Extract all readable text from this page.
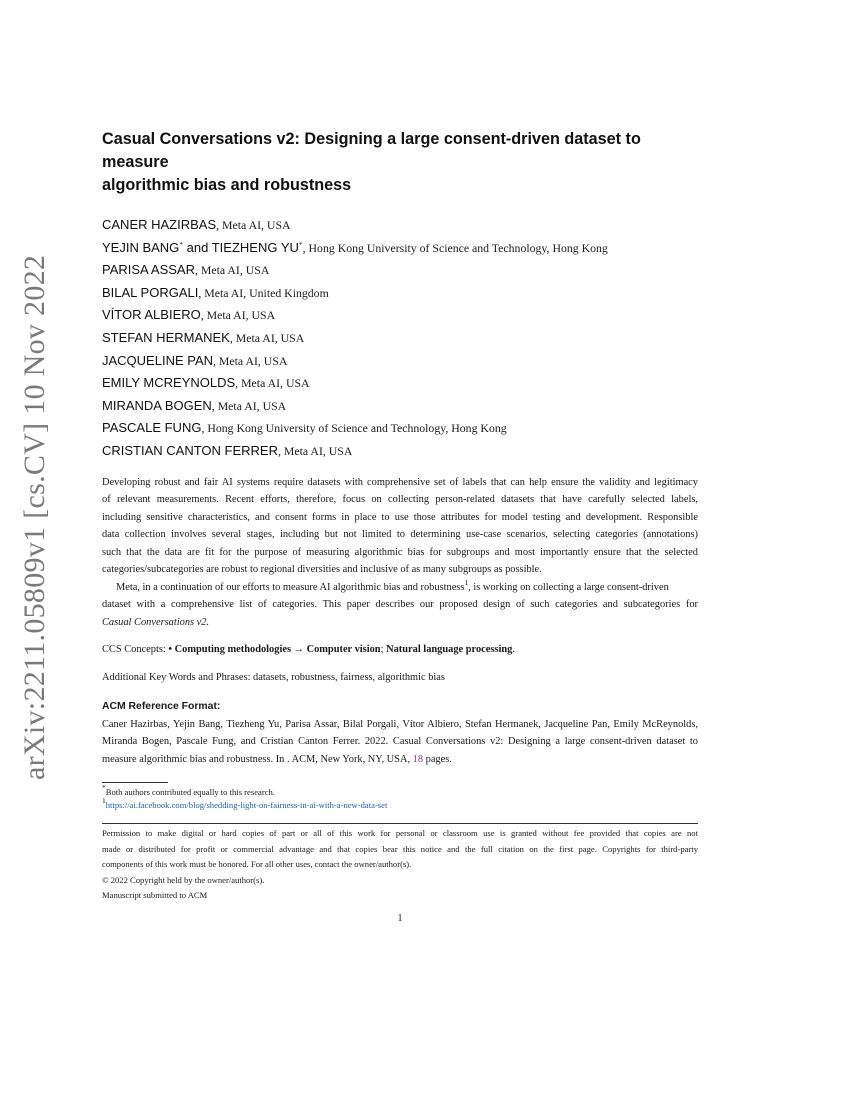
arXiv:2211.05809v1 [cs.CV] 10 Nov 2022
Casual Conversations v2: Designing a large consent-driven dataset to measure
algorithmic bias and robustness
CANER HAZIRBAS, Meta AI, USA
YEJIN BANG* and TIEZHENG YU*, Hong Kong University of Science and Technology, Hong Kong
PARISA ASSAR, Meta AI, USA
BILAL PORGALI, Meta AI, United Kingdom
VÍTOR ALBIERO, Meta AI, USA
STEFAN HERMANEK, Meta AI, USA
JACQUELINE PAN, Meta AI, USA
EMILY MCREYNOLDS, Meta AI, USA
MIRANDA BOGEN, Meta AI, USA
PASCALE FUNG, Hong Kong University of Science and Technology, Hong Kong
CRISTIAN CANTON FERRER, Meta AI, USA
Developing robust and fair AI systems require datasets with comprehensive set of labels that can help ensure the validity and legitimacy
of relevant measurements. Recent efforts, therefore, focus on collecting person-related datasets that have carefully selected labels,
including sensitive characteristics, and consent forms in place to use those attributes for model testing and development. Responsible
data collection involves several stages, including but not limited to determining use-case scenarios, selecting categories (annotations)
such that the data are fit for the purpose of measuring algorithmic bias for subgroups and most importantly ensure that the selected
categories/subcategories are robust to regional diversities and inclusive of as many subgroups as possible.
Meta, in a continuation of our efforts to measure AI algorithmic bias and robustness$^1$, is working on collecting a large consent-driven
dataset with a comprehensive list of categories. This paper describes our proposed design of such categories and subcategories for
Casual Conversations v2.
CCS Concepts: • Computing methodologies → Computer vision; Natural language processing.
Additional Key Words and Phrases: datasets, robustness, fairness, algorithmic bias
ACM Reference Format:
Caner Hazirbas, Yejin Bang, Tiezheng Yu, Parisa Assar, Bilal Porgali, Vítor Albiero, Stefan Hermanek, Jacqueline Pan, Emily McReynolds,
Miranda Bogen, Pascale Fung, and Cristian Canton Ferrer. 2022. Casual Conversations v2: Designing a large consent-driven dataset to
measure algorithmic bias and robustness. In . ACM, New York, NY, USA, 18 pages.
*Both authors contributed equally to this research.
$^1$https://ai.facebook.com/blog/shedding-light-on-fairness-in-ai-with-a-new-data-set
Permission to make digital or hard copies of part or all of this work for personal or classroom use is granted without fee provided that copies are not
made or distributed for profit or commercial advantage and that copies bear this notice and the full citation on the first page. Copyrights for third-party
components of this work must be honored. For all other uses, contact the owner/author(s).
© 2022 Copyright held by the owner/author(s).
Manuscript submitted to ACM
1
